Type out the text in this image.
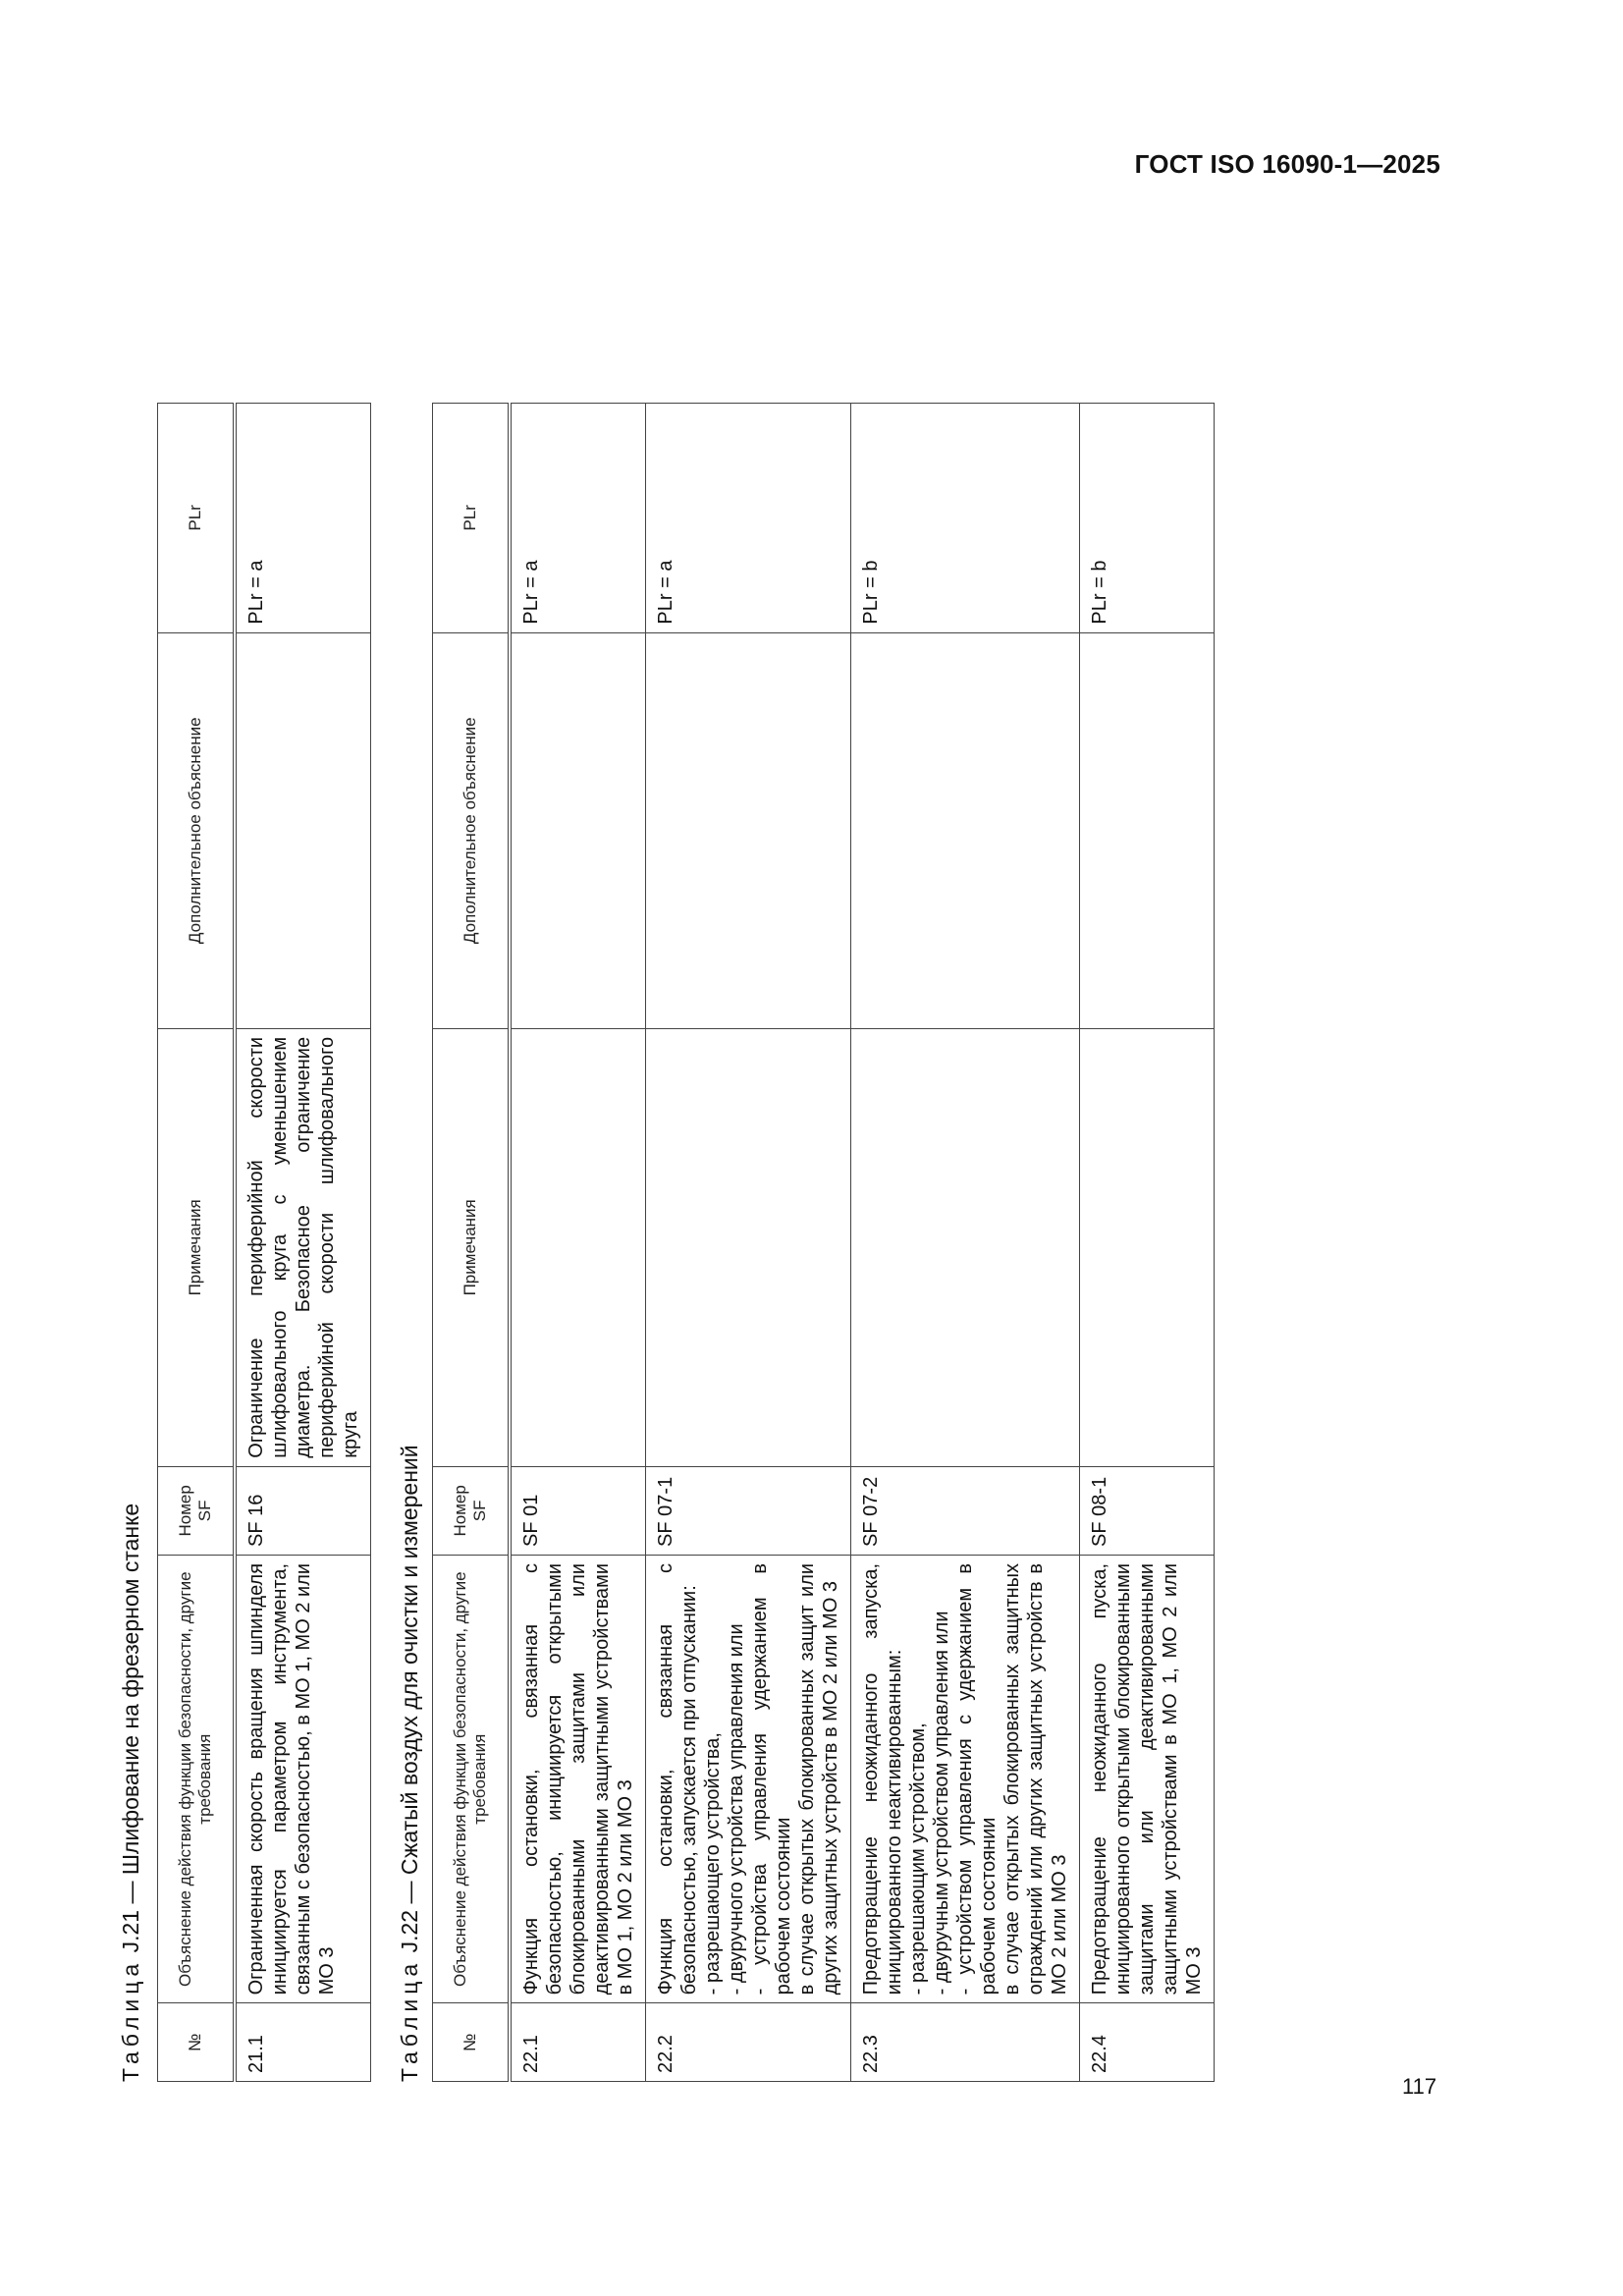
ГОСТ ISO 16090-1—2025
Таблица J.21 — Шлифование на фрезерном станке
№	Объяснение действия функции безопасности, другие требования	Номер SF	Примечания	Дополнительное объяснение	PLr
21.1	Ограниченная скорость вращения шпинделя инициируется параметром инструмента, связанным с безопасностью, в МО 1, МО 2 или МО 3	SF 16	Ограничение периферийной скорости шлифовального круга с уменьшением диаметра. Безопасное ограничение периферийной скорости шлифовального круга		PLr = a
Таблица J.22 — Сжатый воздух для очистки и измерений
№	Объяснение действия функции безопасности, другие требования	Номер SF	Примечания	Дополнительное объяснение	PLr
22.1	Функция остановки, связанная с безопасностью, инициируется открытыми блокированными защитами или деактивированными защитными устройствами в МО 1, МО 2 или МО 3	SF 01			PLr = a
22.2	Функция остановки, связанная с безопасностью, запускается при отпускании: - разрешающего устройства, - двуручного устройства управления или - устройства управления удержанием в рабочем состоянии в случае открытых блокированных защит или других защитных устройств в МО 2 или МО 3	SF 07-1			PLr = a
22.3	Предотвращение неожиданного запуска, инициированного неактивированным: - разрешающим устройством, - двуручным устройством управления или - устройством управления с удержанием в рабочем состоянии в случае открытых блокированных защитных ограждений или других защитных устройств в МО 2 или МО 3	SF 07-2			PLr = b
22.4	Предотвращение неожиданного пуска, инициированного открытыми блокированными защитами или деактивированными защитными устройствами в МО 1, МО 2 или МО 3	SF 08-1			PLr = b
117
